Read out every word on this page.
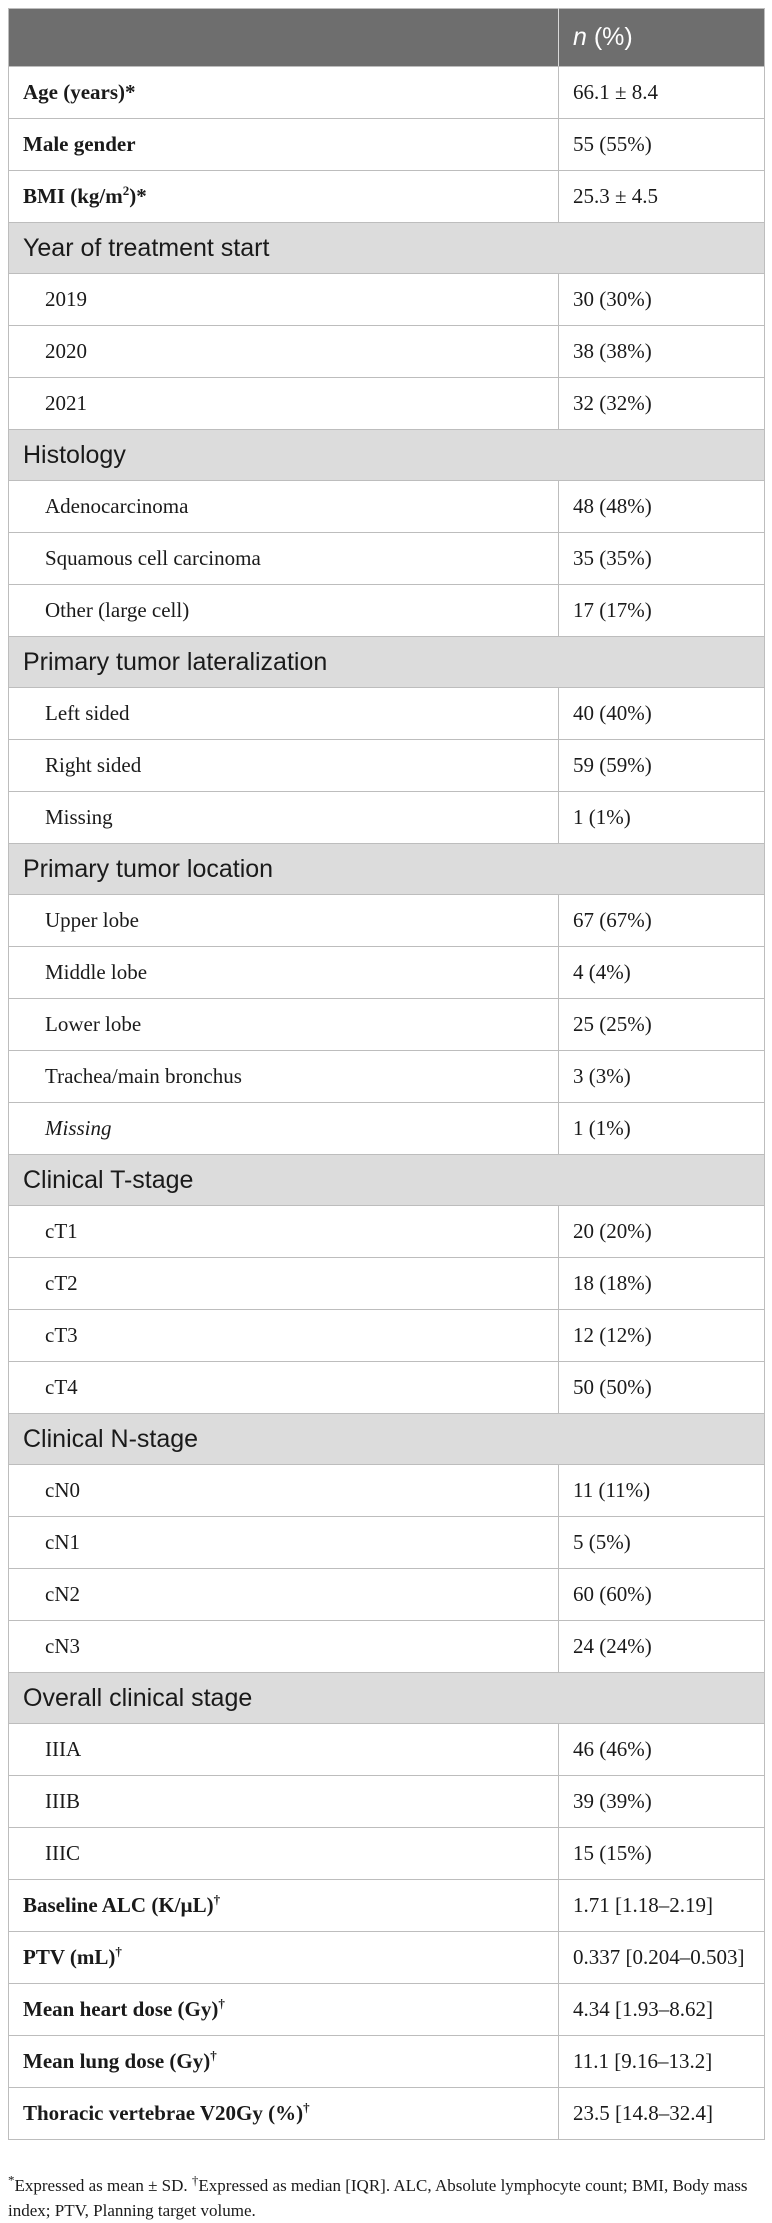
	n (%)
Age (years)*	66.1 ± 8.4
Male gender	55 (55%)
BMI $(kg/m^2)*$	25.3 ± 4.5
Year of treatment start	
2019	30 (30%)
2020	38 (38%)
2021	32 (32%)
Histology	
Adenocarcinoma	48 (48%)
Squamous cell carcinoma	35 (35%)
Other (large cell)	17 (17%)
Primary tumor lateralization	
Left sided	40 (40%)
Right sided	59 (59%)
Missing	1 (1%)
Primary tumor location	
Upper lobe	67 (67%)
Middle lobe	4 (4%)
Lower lobe	25 (25%)
Trachea/main bronchus	3 (3%)
Missing	1 (1%)
Clinical T-stage	
cT1	20 (20%)
cT2	18 (18%)
cT3	12 (12%)
cT4	50 (50%)
Clinical N-stage	
cN0	11 (11%)
cN1	5 (5%)
cN2	60 (60%)
cN3	24 (24%)
Overall clinical stage	
IIIA	46 (46%)
IIIB	39 (39%)
IIIC	15 (15%)
Baseline ALC (K/µL)†	1.71 [1.18–2.19]
PTV (mL)†	0.337 [0.204–0.503]
Mean heart dose (Gy)†	4.34 [1.93–8.62]
Mean lung dose (Gy)†	11.1 [9.16–13.2]
Thoracic vertebrae V20Gy (%)†	23.5 [14.8–32.4]
*Expressed as mean ± SD. †Expressed as median [IQR]. ALC, Absolute lymphocyte count; BMI, Body mass index; PTV, Planning target volume.
